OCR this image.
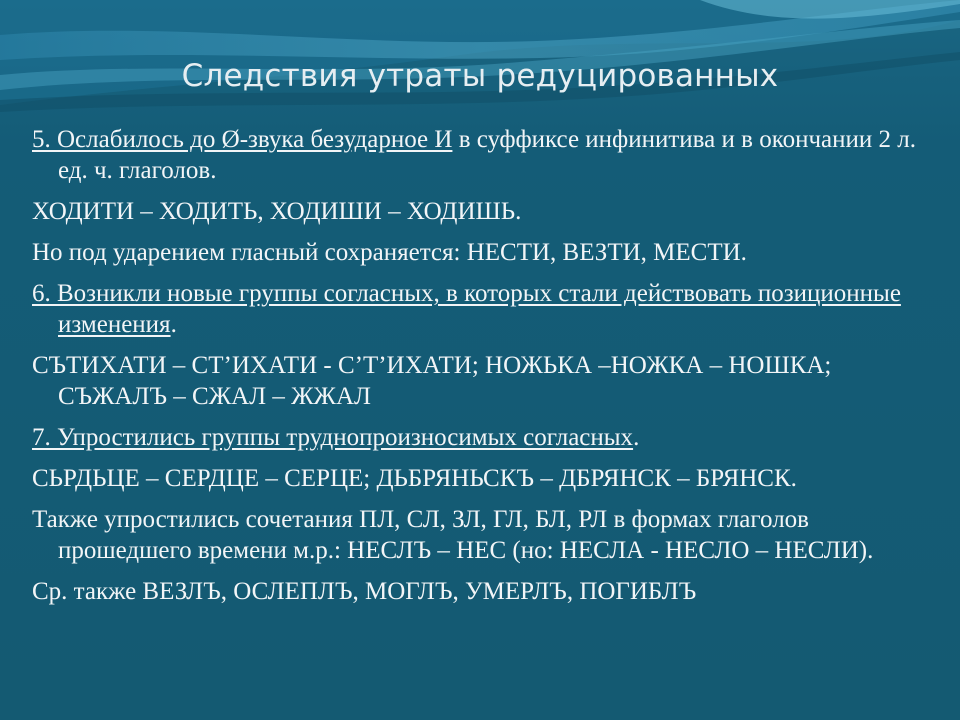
Следствия утраты редуцированных
5. Ослабилось до Ø-звука безударное И в суффиксе инфинитива и в окончании 2 л. ед. ч. глаголов.
ХОДИТИ – ХОДИТЬ, ХОДИШИ – ХОДИШЬ.
Но под ударением гласный сохраняется: НЕСТИ, ВЕЗТИ, МЕСТИ.
6. Возникли новые группы согласных, в которых стали действовать позиционные изменения.
СЪТИХАТИ – СТ’ИХАТИ - С’Т’ИХАТИ; НОЖЬКА –НОЖКА – НОШКА; СЪЖАЛЪ – СЖАЛ – ЖЖАЛ
7. Упростились группы труднопроизносимых согласных.
СЬРДЬЦЕ – СЕРДЦЕ – СЕРЦЕ; ДЬБРЯНЬСКЪ – ДБРЯНСК – БРЯНСК.
Также упростились сочетания ПЛ, СЛ, ЗЛ, ГЛ, БЛ, РЛ в формах глаголов прошедшего времени м.р.: НЕСЛЪ – НЕС (но: НЕСЛА - НЕСЛО – НЕСЛИ).
Ср. также ВЕЗЛЪ, ОСЛЕПЛЪ, МОГЛЪ, УМЕРЛЪ, ПОГИБЛЪ
